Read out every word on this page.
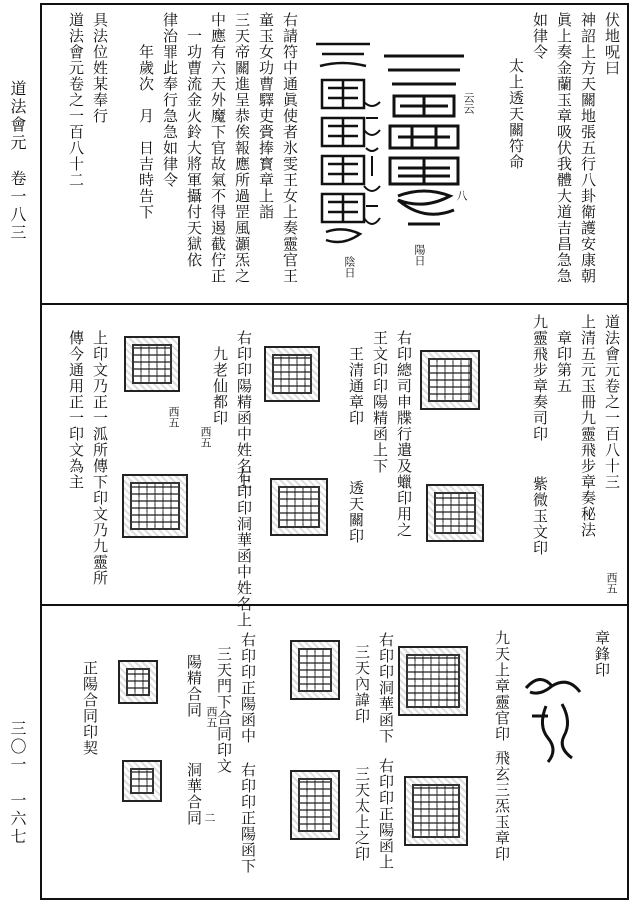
道法會元　卷一八三
三〇一　一六七
伏地呪曰
神詔上方天關地張五行八卦衛護安康朝
眞上奏金蘭玉章吸伏我體大道吉昌急急
如律令
太上透天關符命
八
云云
陽日
陰日
右請符中通眞使者氷雯王女上奏靈官王
童玉女功曹驛吏賫捧寳章上詣
三天帝關進呈恭俟報應所過罡風灝炁之
中應有六天外魔下官故氣不得遏截佇正
一功曹流金火鈴大將軍攝付天獄依
律治罪此奉行急急如律令
年歲次　月　日吉時告下
具法位姓某奉行
道法會元卷之一百八十二
道法會元卷之一百八十三
上清五元玉冊九靈飛步章奏秘法
章印第五
九靈飛步章奏司印
紫微玉文印
西五
右印總司申牒行遣及蠟印用之
王文印印陽精函上下
王清通章印
透天關印
右印印陽精函中姓名上
九老仙都印
右印印洞華函中姓名上
西五
西五
上印文乃正一泒所傳下印文乃九靈所
傳今通用正一印文為主
章鋒印
九天上章靈官印
飛玄三炁玉章印
右印印洞華函下
右印印正陽函上
三天內諱印
三天太上之印
右印印正陽函中
右印印正陽函下
三天門下合同印文
陽精合同
洞華合同
西五
二
正陽合同印契
